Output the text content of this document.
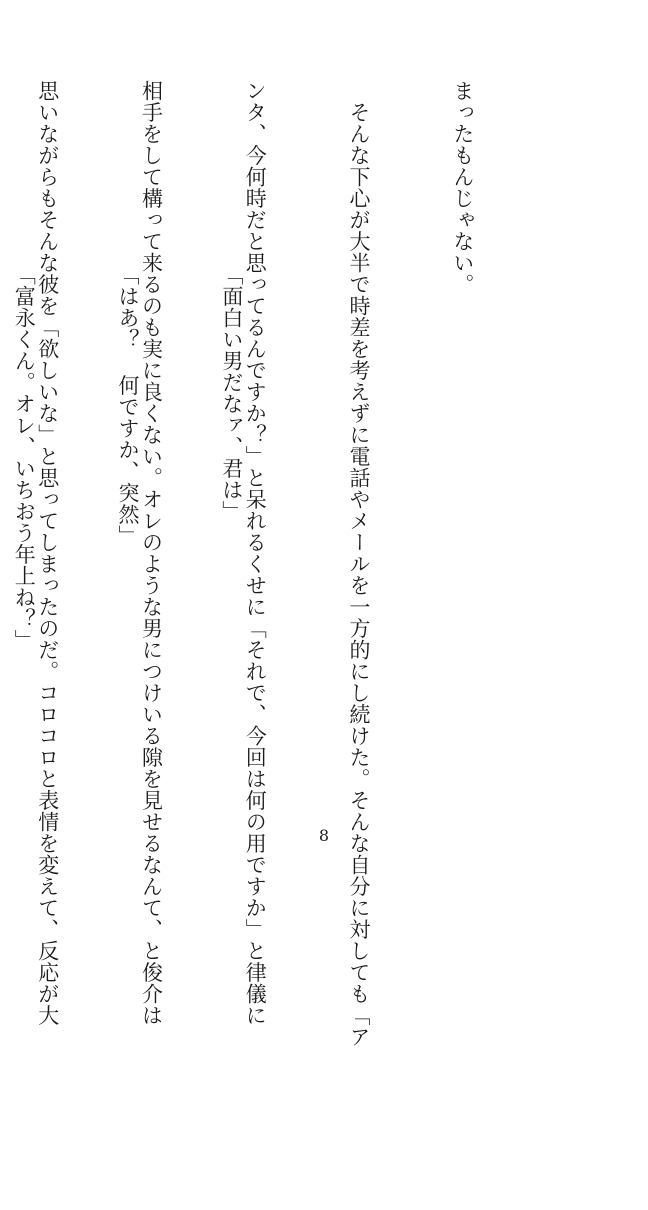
まったもんじゃない。

　そんな下心が大半で時差を考えずに電話やメールを一方的にし続けた。そんな自分に対しても「ア

ンタ、今何時だと思ってるんですか？」と呆れるくせに「それで、今回は何の用ですか」と律儀に

相手をして構って来るのも実に良くない。オレのような男につけいる隙を見せるなんて、と俊介は

思いながらもそんな彼を「欲しいな」と思ってしまったのだ。コロコロと表情を変えて、反応が大

	「面白い男だなァ、君は」

「はあ？ 何ですか、突然」

「富永くん。オレ、いちおう年上ね？」

8
